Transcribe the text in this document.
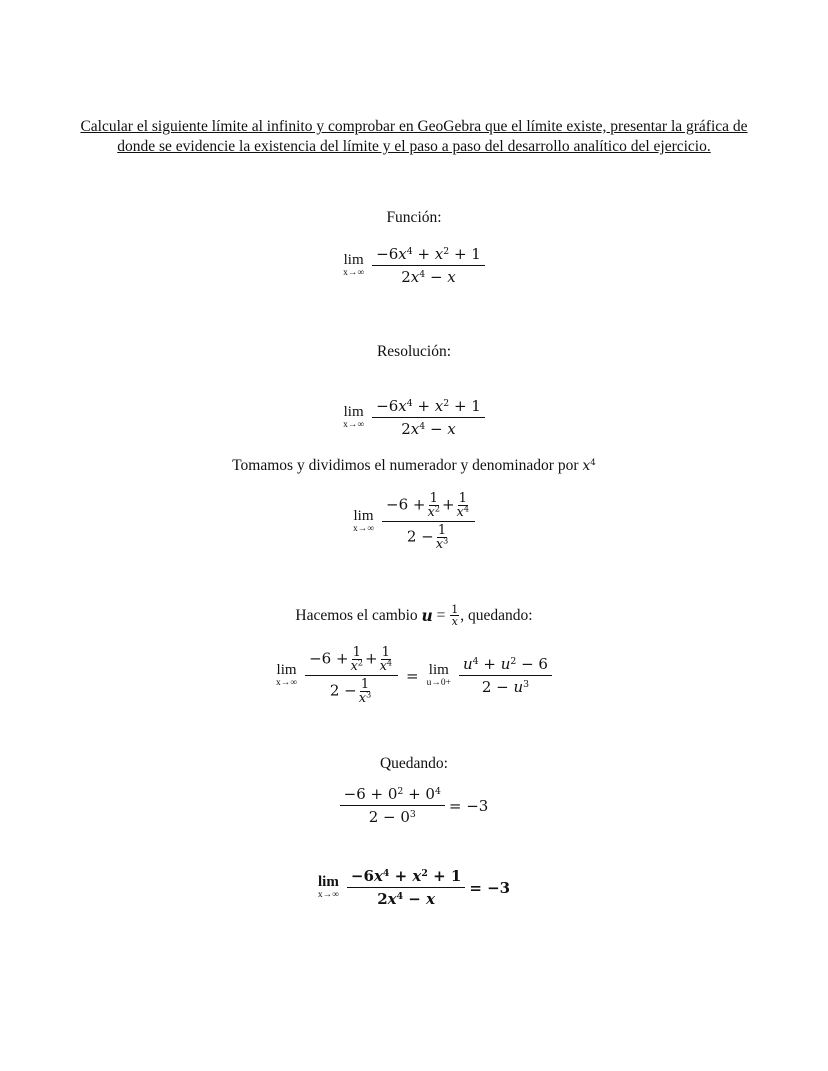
Calcular el siguiente límite al infinito y comprobar en GeoGebra que el límite existe, presentar la gráfica de donde se evidencie la existencia del límite y el paso a paso del desarrollo analítico del ejercicio.
Función:
lim
$x\to\infty \frac{-6x^4 + x^2 + 1}{2x^4 - x}$
Resolución:
lim
$x\to\infty \frac{-6x^4 + x^2 + 1}{2x^4 - x}$
Tomamos y dividimos el numerador y denominador por $x^4$
lim
$x\to\infty \frac{-6 + \frac{1}{x^2} + \frac{1}{x^4}}{2 - \frac{1}{x^3}}$
Hacemos el cambio
u
=
$\frac{1}{x}$ , quedando:
lim
$x\to\infty \frac{-6 + \frac{1}{x^2} + \frac{1}{x^4}}{2 - \frac{1}{x^3}} = \lim$
$u\to 0+ \frac{u^4 + u^2 - 6}{2 - u^3}$
Quedando:
$\frac{-6 + 0^2 + 0^4}{2 - 0^3} = -3$
lim
$x\to\infty \frac{-6x^4 + x^2 + 1}{2x^4 - x} = -3$
